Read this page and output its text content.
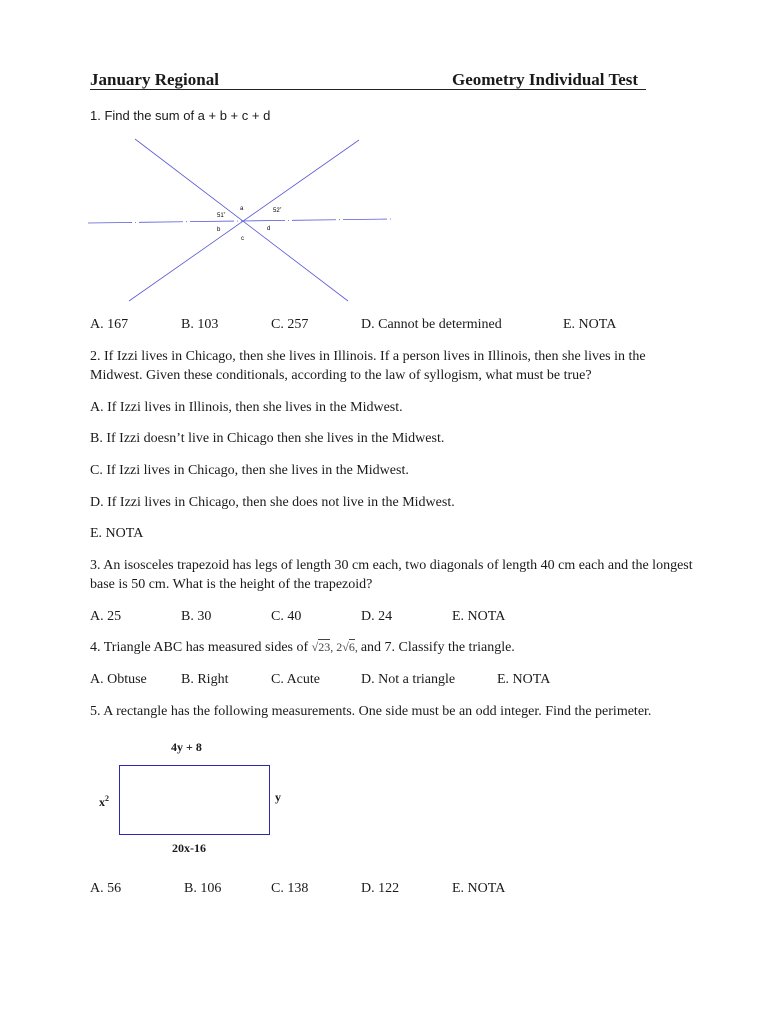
January Regional	Geometry Individual Test
1. Find the sum of a + b + c + d
a
b
c
d
51˚
52˚
A. 167	B. 103	C. 257	D. Cannot be determined	E. NOTA
2. If Izzi lives in Chicago, then she lives in Illinois. If a person lives in Illinois, then she lives in the
Midwest. Given these conditionals, according to the law of syllogism, what must be true?
A. If Izzi lives in Illinois, then she lives in the Midwest.
B. If Izzi doesn’t live in Chicago then she lives in the Midwest.
C. If Izzi lives in Chicago, then she lives in the Midwest.
D. If Izzi lives in Chicago, then she does not live in the Midwest.
E. NOTA
3. An isosceles trapezoid has legs of length 30 cm each, two diagonals of length 40 cm each and the longest
base is 50 cm. What is the height of the trapezoid?
A. 25	B. 30	C. 40	D. 24	E. NOTA
4. Triangle ABC has measured sides of √23, 2√6, and 7. Classify the triangle.
A. Obtuse B. Right	C. Acute	D. Not a triangle	E. NOTA
5. A rectangle has the following measurements. One side must be an odd integer. Find the perimeter.
4y + 8
$x^2$	y
20x-16
A. 56	B. 106	C. 138	D. 122	E. NOTA
